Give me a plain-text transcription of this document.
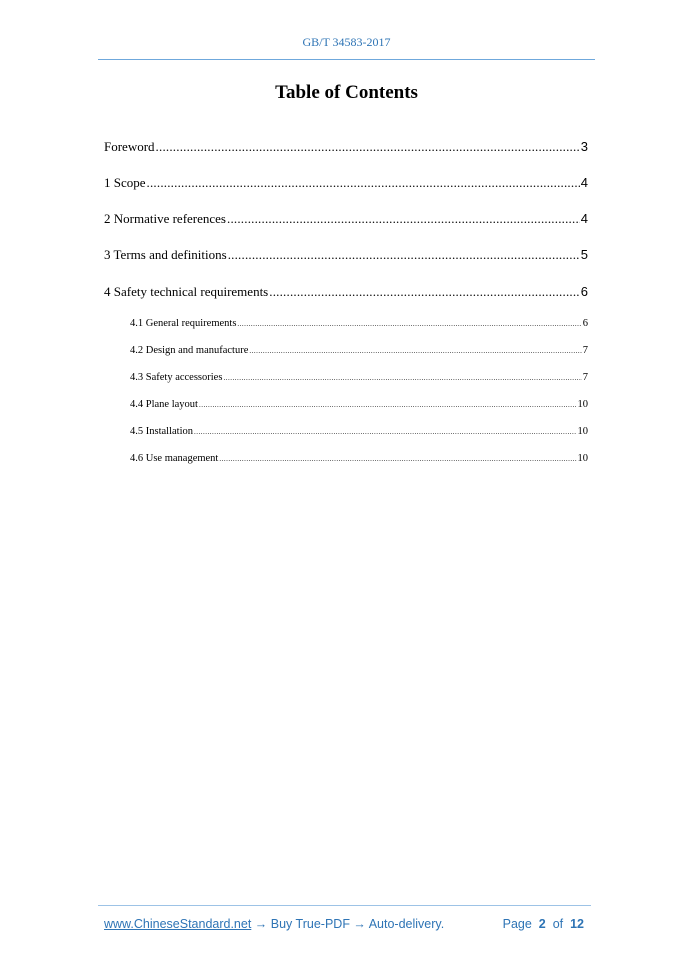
GB/T 34583-2017
Table of Contents
Foreword .....	3
1 Scope .....	4
2 Normative references .....	4
3 Terms and definitions .....	5
4 Safety technical requirements .....	6
4.1 General requirements .....	6
4.2 Design and manufacture .....	7
4.3 Safety accessories .....	7
4.4 Plane layout .....	10
4.5 Installation .....	10
4.6 Use management .....	10
www.ChineseStandard.net → Buy True-PDF → Auto-delivery.	Page 2 of 12
